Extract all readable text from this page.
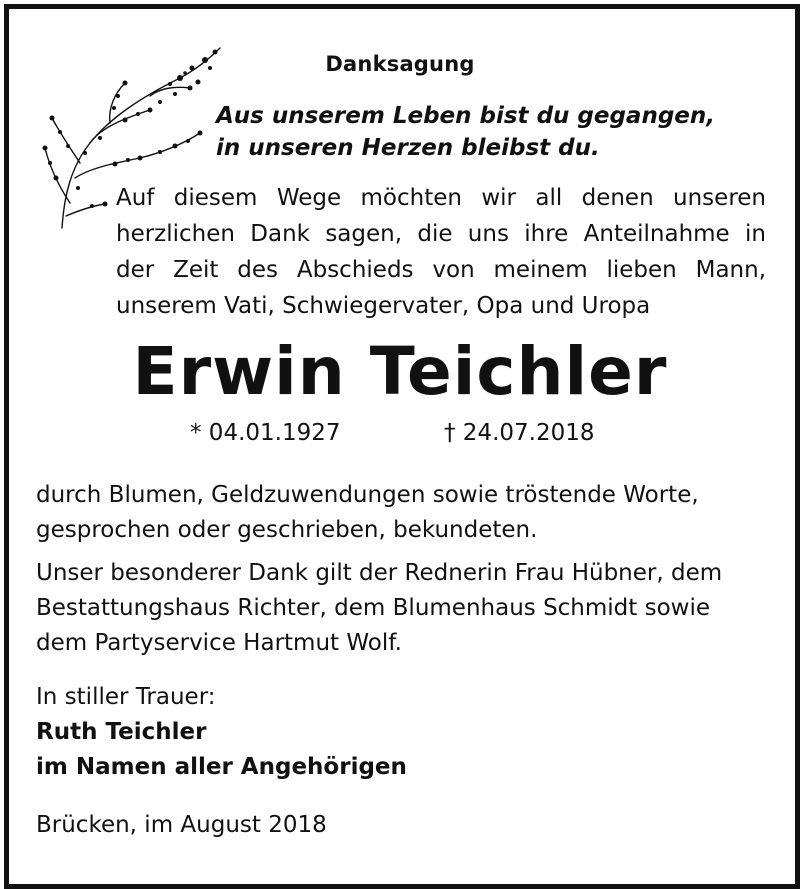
Danksagung
Aus unserem Leben bist du gegangen,
in unseren Herzen bleibst du.
Auf diesem Wege möchten wir all denen unseren
herzlichen Dank sagen, die uns ihre Anteilnahme in
der Zeit des Abschieds von meinem lieben Mann,
unserem Vati, Schwiegervater, Opa und Uropa
Erwin Teichler
* 04.01.1927	† 24.07.2018
durch Blumen, Geldzuwendungen sowie tröstende Worte,
gesprochen oder geschrieben, bekundeten.
Unser besonderer Dank gilt der Rednerin Frau Hübner, dem
Bestattungshaus Richter, dem Blumenhaus Schmidt sowie
dem Partyservice Hartmut Wolf.
In stiller Trauer:
Ruth Teichler
im Namen aller Angehörigen
Brücken, im August 2018
